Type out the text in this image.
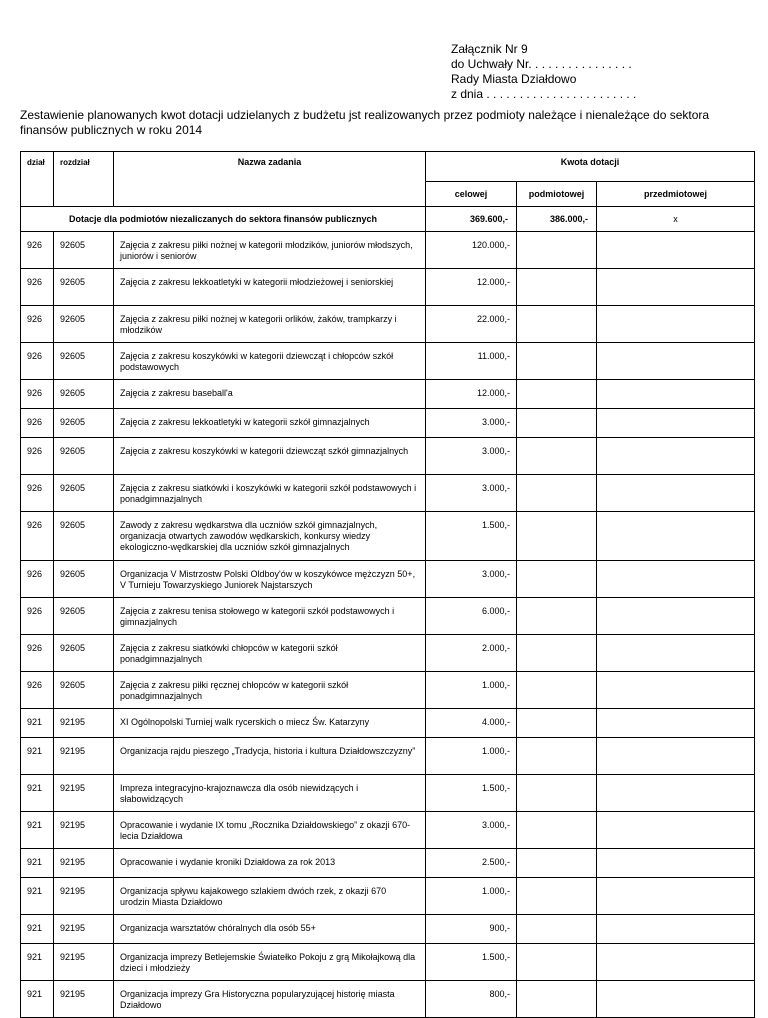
Załącznik Nr 9
do Uchwały Nr. . . . . . . . . . . . . . . .
Rady Miasta Działdowo
z dnia . . . . . . . . . . . . . . . . . . . . . . .
Zestawienie planowanych kwot dotacji udzielanych z budżetu jst realizowanych przez podmioty należące i nienależące do sektora finansów publicznych w roku 2014
dział	rozdział	Nazwa zadania	Kwota dotacji		
			celowej	podmiotowej	przedmiotowej
Dotacje dla podmiotów niezaliczanych do sektora finansów publicznych			369.600,-	386.000,-	x
926	92605	Zajęcia z zakresu piłki nożnej w kategorii młodzików, juniorów młodszych, juniorów i seniorów	120.000,-		
926	92605	Zajęcia z zakresu lekkoatletyki w kategorii młodzieżowej i seniorskiej	12.000,-		
926	92605	Zajęcia z zakresu piłki nożnej w kategorii orlików, żaków, trampkarzy i młodzików	22.000,-		
926	92605	Zajęcia z zakresu koszykówki w kategorii dziewcząt i chłopców szkół podstawowych	11.000,-		
926	92605	Zajęcia z zakresu baseball'a	12.000,-		
926	92605	Zajęcia z zakresu lekkoatletyki w kategorii szkół gimnazjalnych	3.000,-		
926	92605	Zajęcia z zakresu koszykówki w kategorii dziewcząt szkół gimnazjalnych	3.000,-		
926	92605	Zajęcia z zakresu siatkówki i koszykówki w kategorii szkół podstawowych i ponadgimnazjalnych	3.000,-		
926	92605	Zawody z zakresu wędkarstwa dla uczniów szkół gimnazjalnych, organizacja otwartych zawodów wędkarskich, konkursy wiedzy ekologiczno-wędkarskiej dla uczniów szkół gimnazjalnych	1.500,-		
926	92605	Organizacja V Mistrzostw Polski Oldboy'ów w koszykówce mężczyzn 50+, V Turnieju Towarzyskiego Juniorek Najstarszych	3.000,-		
926	92605	Zajęcia z zakresu tenisa stołowego w kategorii szkół podstawowych i gimnazjalnych	6.000,-		
926	92605	Zajęcia z zakresu siatkówki chłopców w kategorii szkół ponadgimnazjalnych	2.000,-		
926	92605	Zajęcia z zakresu piłki ręcznej chłopców w kategorii szkół ponadgimnazjalnych	1.000,-		
921	92195	XI Ogólnopolski Turniej walk rycerskich o miecz Św. Katarzyny	4.000,-		
921	92195	Organizacja rajdu pieszego „Tradycja, historia i kultura Działdowszczyzny”	1.000,-		
921	92195	Impreza integracyjno-krajoznawcza dla osób niewidzących i słabowidzących	1.500,-		
921	92195	Opracowanie i wydanie IX tomu „Rocznika Działdowskiego” z okazji 670-lecia Działdowa	3.000,-		
921	92195	Opracowanie i wydanie kroniki Działdowa za rok 2013	2.500,-		
921	92195	Organizacja spływu kajakowego szlakiem dwóch rzek, z okazji 670 urodzin Miasta Działdowo	1.000,-		
921	92195	Organizacja warsztatów chóralnych dla osób 55+	900,-		
921	92195	Organizacja imprezy Betlejemskie Światełko Pokoju z grą Mikołajkową dla dzieci i młodzieży	1.500,-		
921	92195	Organizacja imprezy Gra Historyczna popularyzującej historię miasta Działdowo	800,-		
